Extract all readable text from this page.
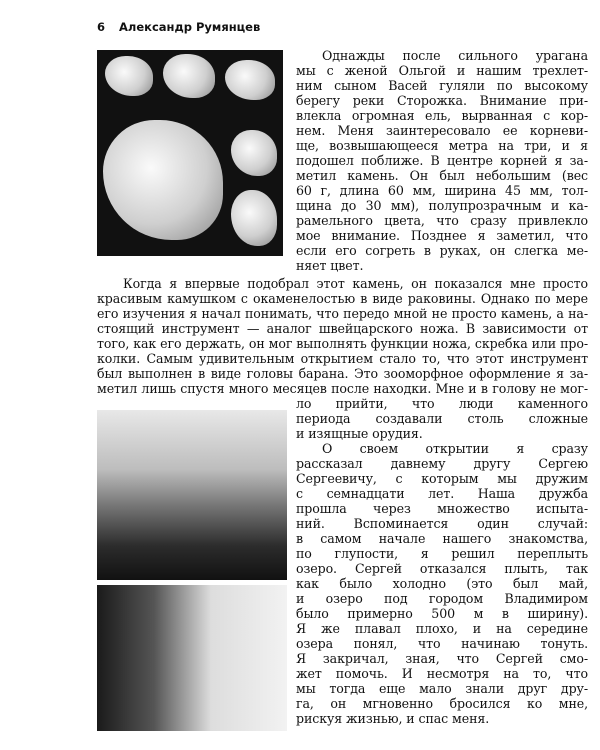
6 Александр Румянцев
Однажды после сильного урагана
мы с женой Ольгой и нашим трехлет-
ним сыном Васей гуляли по высокому
берегу реки Сторожка. Внимание при-
влекла огромная ель, вырванная с кор-
нем. Меня заинтересовало ее корневи-
ще, возвышающееся метра на три, и я
подошел поближе. В центре корней я за-
метил камень. Он был небольшим (вес
60 г, длина 60 мм, ширина 45 мм, тол-
щина до 30 мм), полупрозрачным и ка-
рамельного цвета, что сразу привлекло
мое внимание. Позднее я заметил, что
если его согреть в руках, он слегка ме-
няет цвет.
Когда я впервые подобрал этот камень, он показался мне просто
красивым камушком с окаменелостью в виде раковины. Однако по мере
его изучения я начал понимать, что передо мной не просто камень, а на-
стоящий инструмент — аналог швейцарского ножа. В зависимости от
того, как его держать, он мог выполнять функции ножа, скребка или про-
колки. Самым удивительным открытием стало то, что этот инструмент
был выполнен в виде головы барана. Это зооморфное оформление я за-
метил лишь спустя много месяцев после находки. Мне и в голову не мог-
ло прийти, что люди каменного
периода создавали столь сложные
и изящные орудия.
О своем открытии я сразу
рассказал давнему другу Сергею
Сергеевичу, с которым мы дружим
с семнадцати лет. Наша дружба
прошла через множество испыта-
ний. Вспоминается один случай:
в самом начале нашего знакомства,
по глупости, я решил переплыть
озеро. Сергей отказался плыть, так
как было холодно (это был май,
и озеро под городом Владимиром
было примерно 500 м в ширину).
Я же плавал плохо, и на середине
озера понял, что начинаю тонуть.
Я закричал, зная, что Сергей смо-
жет помочь. И несмотря на то, что
мы тогда еще мало знали друг дру-
га, он мгновенно бросился ко мне,
рискуя жизнью, и спас меня.
